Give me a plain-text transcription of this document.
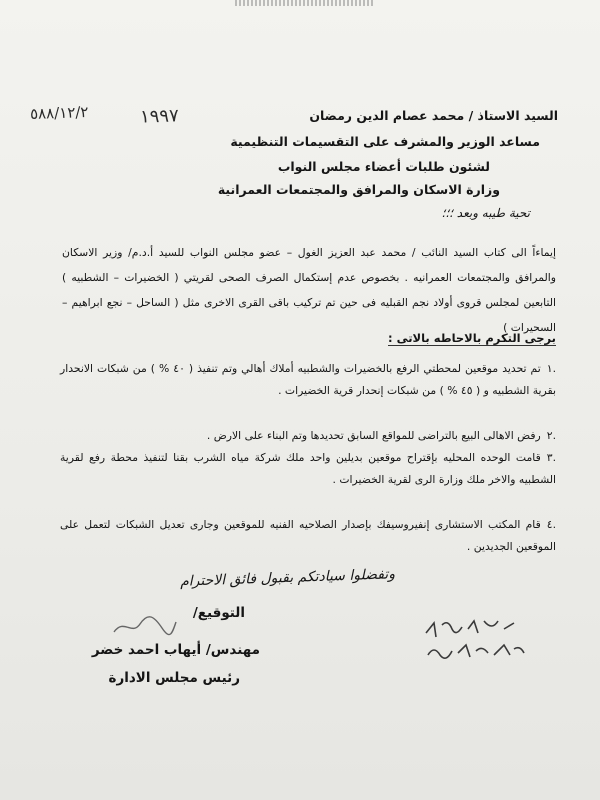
السيد الاستاذ / محمد عصام الدين رمضان
مساعد الوزير والمشرف على التقسيمات التنظيمية
لشئون طلبات أعضاء مجلس النواب
وزارة الاسكان والمرافق والمجتمعات العمرانية
٥٨٨/١٢/٢	١٩٩٧
تحية طيبه وبعد ؛؛؛
إيماءاً الى كتاب السيد النائب / محمد عبد العزيز الغول – عضو مجلس النواب للسيد أ.د.م/ وزير الاسكان والمرافق والمجتمعات العمرانيه . بخصوص عدم إستكمال الصرف الصحى لقريتي ( الخضيرات – الشطبيه ) التابعين لمجلس قروى أولاد نجم القبليه فى حين تم تركيب باقى القرى الاخرى مثل ( الساحل – نجع ابراهيم – السحيرات )
برجى التكرم بالاحاطه بالاتى :
.١تم تحديد موقعين لمحطتي الرفع بالخضيرات والشطبيه أملاك أهالي وتم تنفيذ ( ٤٠ % ) من شبكات الانحدار بقرية الشطبيه و ( ٤٥ % ) من شبكات إنحدار قرية الخضيرات .
.٢رفض الاهالى البيع بالتراضى للمواقع السابق تحديدها وتم البناء على الارض .
.٣قامت الوحده المحليه بإقتراح موقعين بديلين واحد ملك شركة مياه الشرب بقنا لتنفيذ محطة رفع لقرية الشطبيه والاخر ملك وزارة الرى لقرية الخضيرات .
.٤قام المكتب الاستشارى إنفيروسيفك بإصدار الصلاحيه الفنيه للموقعين وجارى تعديل الشبكات لتعمل على الموقعين الجديدين .
وتفضلوا سيادتكم بقبول فائق الاحترام
التوقيع/
مهندس/ أيهاب احمد خضر
رئيس مجلس الادارة
